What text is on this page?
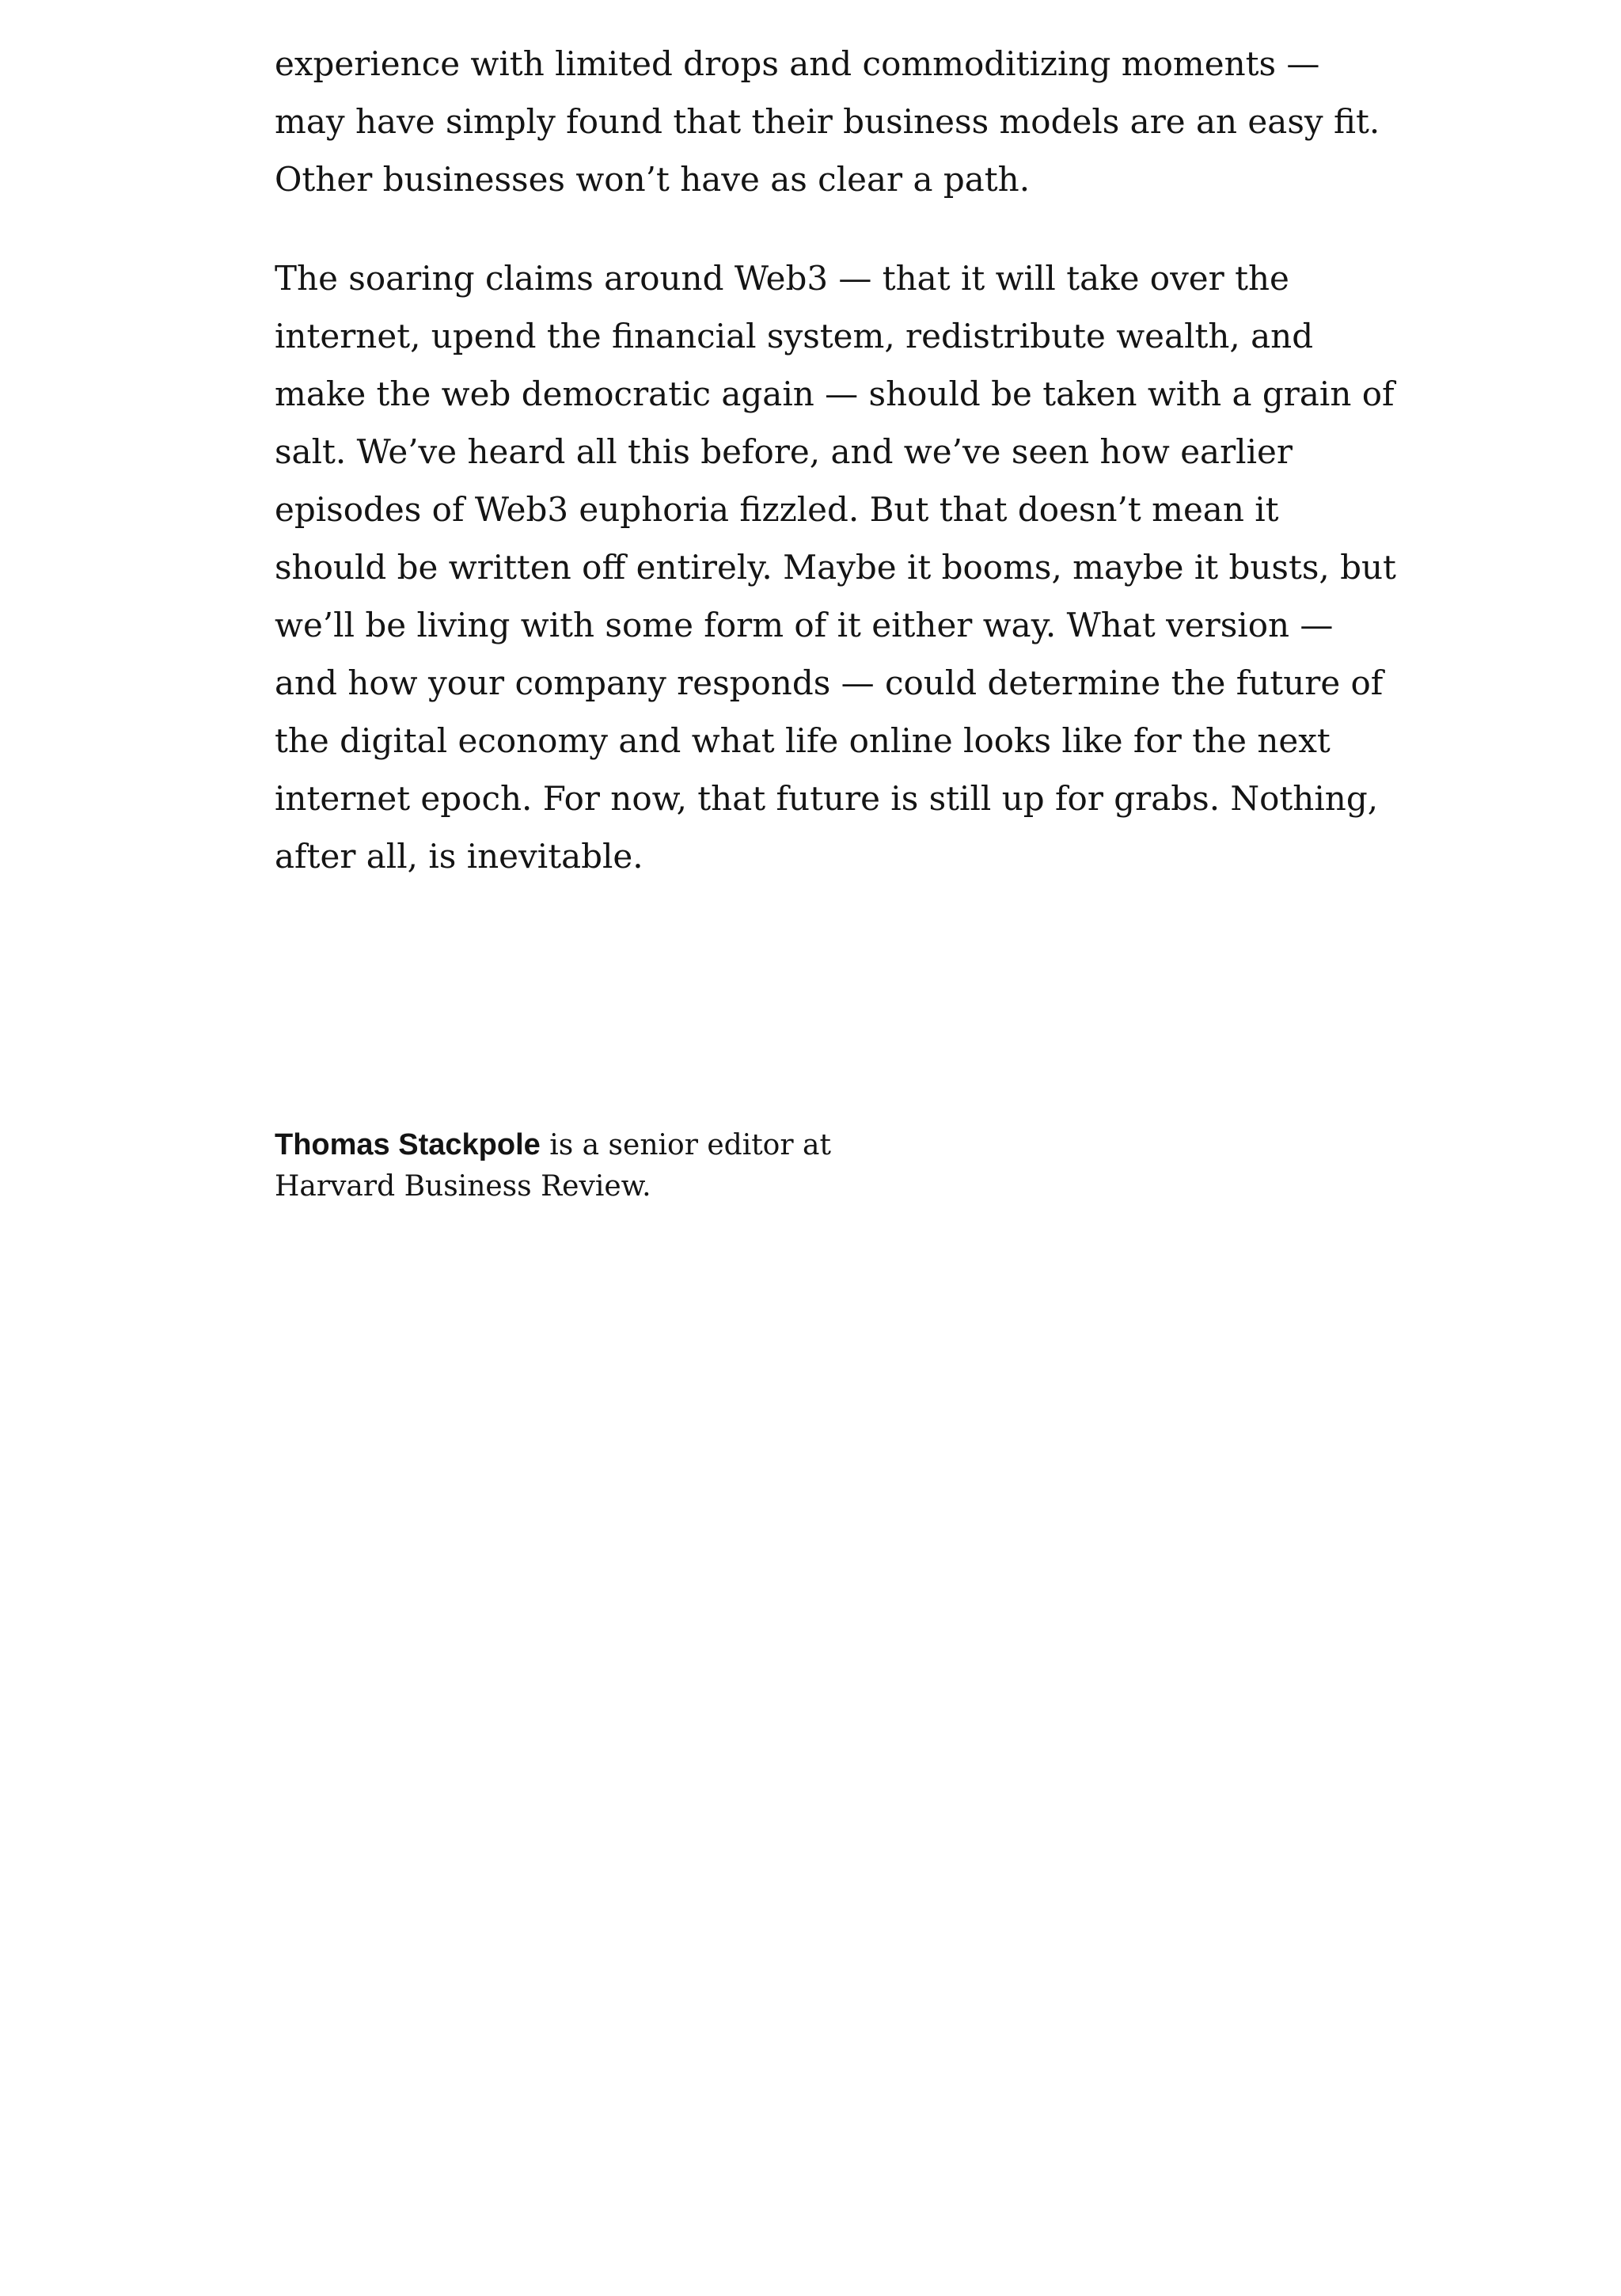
experience with limited drops and commoditizing moments —
may have simply found that their business models are an easy fit.
Other businesses won’t have as clear a path.

The soaring claims around Web3 — that it will take over the
internet, upend the financial system, redistribute wealth, and
make the web democratic again — should be taken with a grain of
salt. We’ve heard all this before, and we’ve seen how earlier
episodes of Web3 euphoria fizzled. But that doesn’t mean it
should be written off entirely. Maybe it booms, maybe it busts, but
we’ll be living with some form of it either way. What version —
and how your company responds — could determine the future of
the digital economy and what life online looks like for the next
internet epoch. For now, that future is still up for grabs. Nothing,
after all, is inevitable.

Thomas Stackpole is a senior editor at
Harvard Business Review.
